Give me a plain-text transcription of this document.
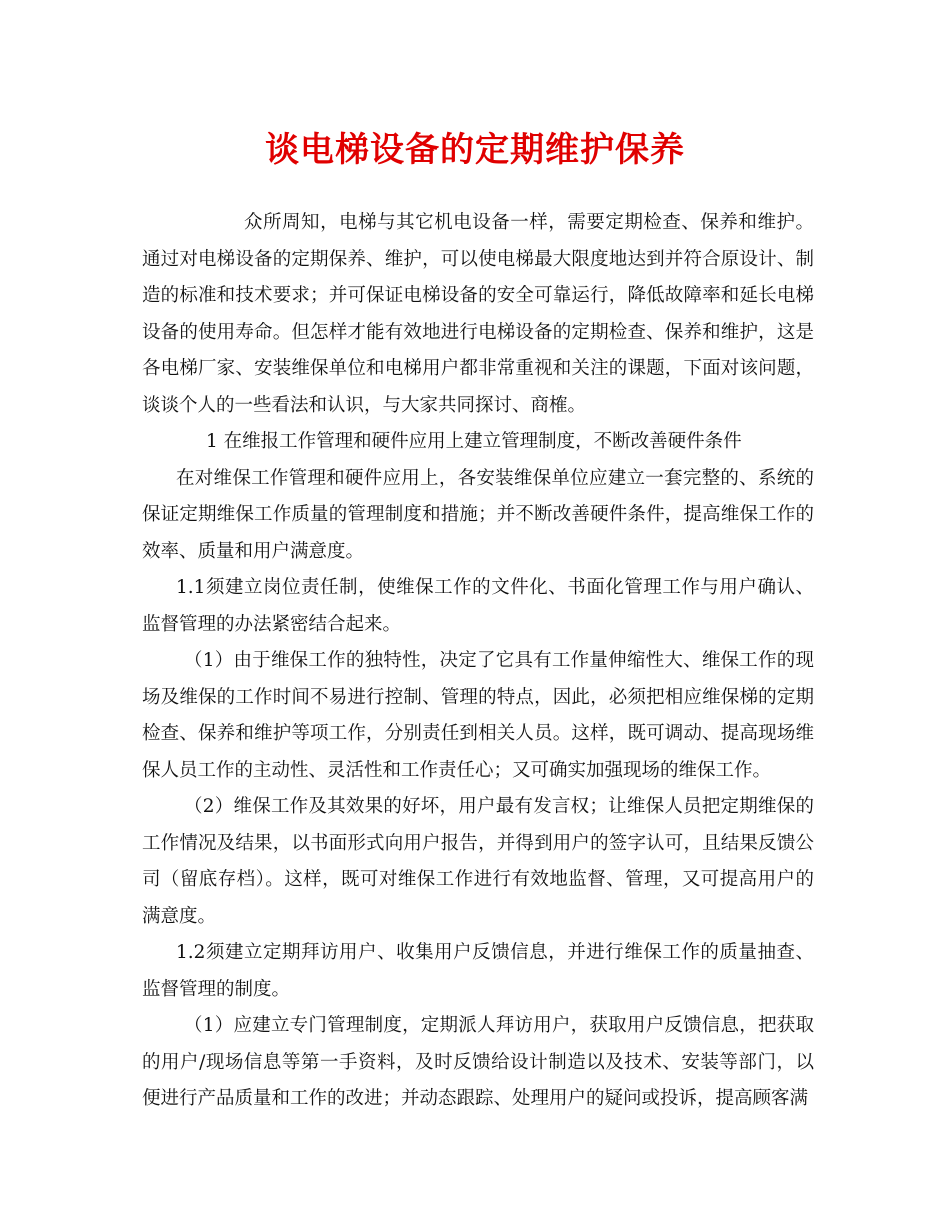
谈电梯设备的定期维护保养

众所周知，电梯与其它机电设备一样，需要定期检查、保养和维护。通过对电梯设备的定期保养、维护，可以使电梯最大限度地达到并符合原设计、制造的标准和技术要求；并可保证电梯设备的安全可靠运行，降低故障率和延长电梯设备的使用寿命。但怎样才能有效地进行电梯设备的定期检查、保养和维护，这是各电梯厂家、安装维保单位和电梯用户都非常重视和关注的课题，下面对该问题，谈谈个人的一些看法和认识，与大家共同探讨、商榷。

1 在维报工作管理和硬件应用上建立管理制度，不断改善硬件条件

在对维保工作管理和硬件应用上，各安装维保单位应建立一套完整的、系统的保证定期维保工作质量的管理制度和措施；并不断改善硬件条件，提高维保工作的效率、质量和用户满意度。

1.1须建立岗位责任制，使维保工作的文件化、书面化管理工作与用户确认、监督管理的办法紧密结合起来。

（1）由于维保工作的独特性，决定了它具有工作量伸缩性大、维保工作的现场及维保的工作时间不易进行控制、管理的特点，因此，必须把相应维保梯的定期检查、保养和维护等项工作，分别责任到相关人员。这样，既可调动、提高现场维保人员工作的主动性、灵活性和工作责任心；又可确实加强现场的维保工作。

（2）维保工作及其效果的好坏，用户最有发言权；让维保人员把定期维保的工作情况及结果，以书面形式向用户报告，并得到用户的签字认可，且结果反馈公司（留底存档）。这样，既可对维保工作进行有效地监督、管理，又可提高用户的满意度。

1.2须建立定期拜访用户、收集用户反馈信息，并进行维保工作的质量抽查、监督管理的制度。

（1）应建立专门管理制度，定期派人拜访用户，获取用户反馈信息，把获取的用户/现场信息等第一手资料，及时反馈给设计制造以及技术、安装等部门，以便进行产品质量和工作的改进；并动态跟踪、处理用户的疑问或投诉，提高顾客满
